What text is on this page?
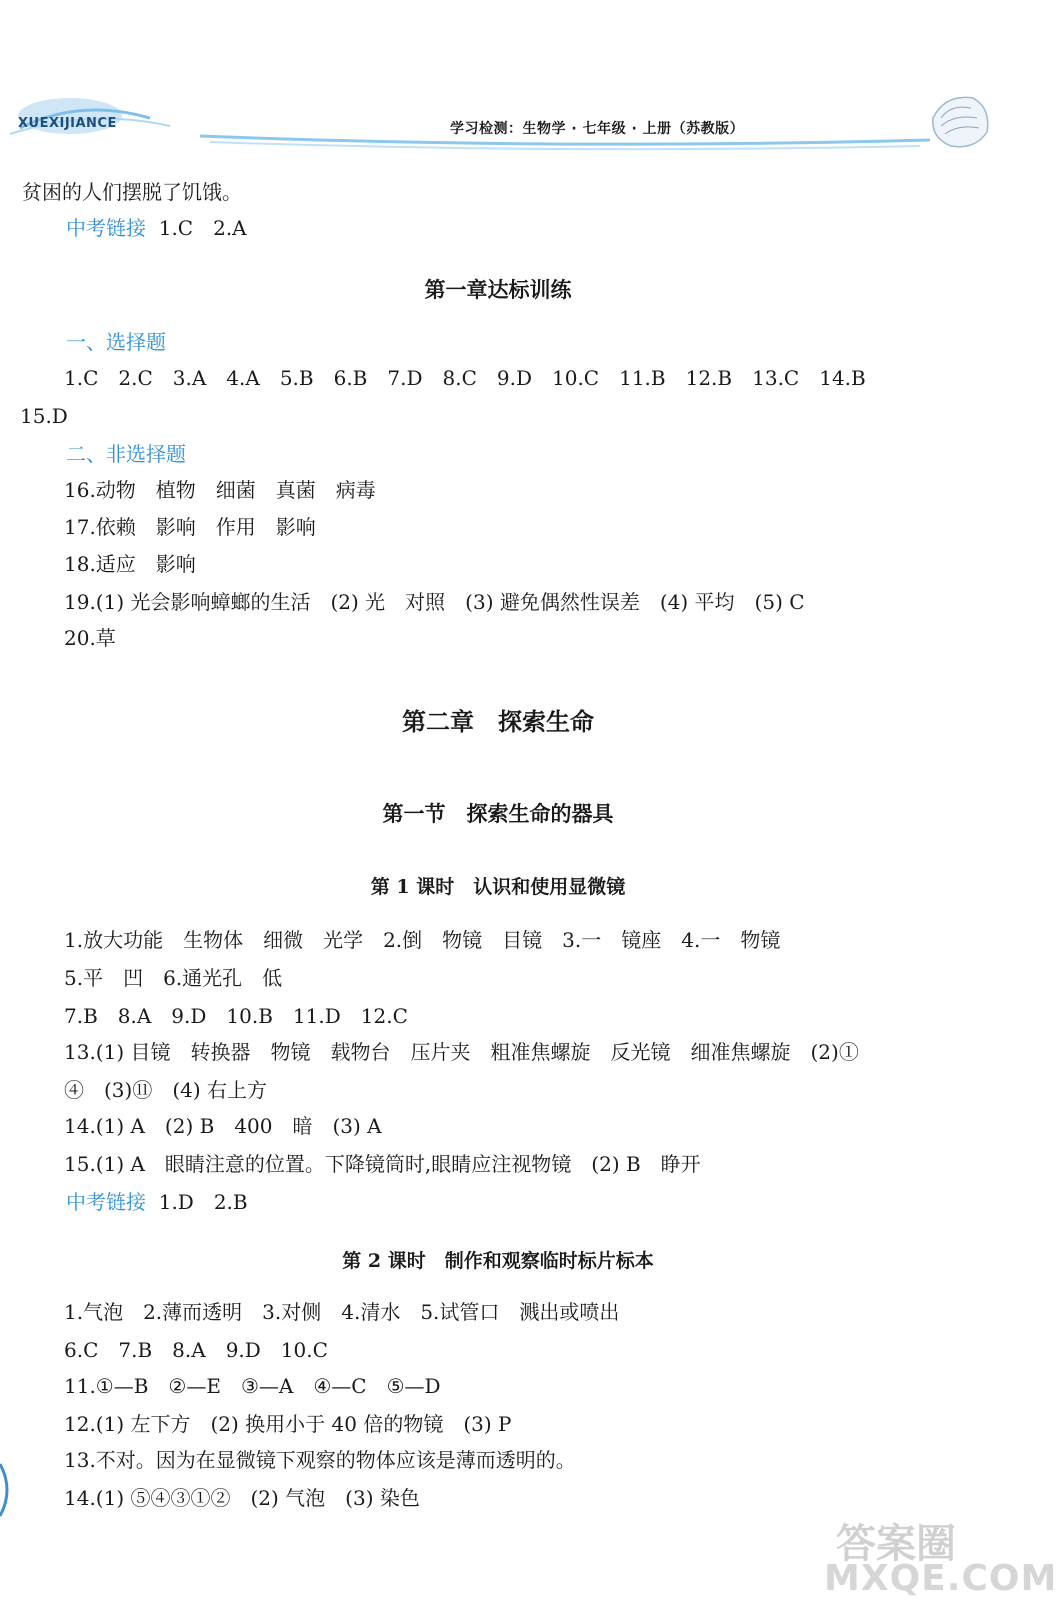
XUEXIJIANCE	学习检测：生物学 · 七年级 · 上册（苏教版）
贫困的人们摆脱了饥饿。
中考链接 1.C　2.A
第一章达标训练
一、选择题
1.C　2.C　3.A　4.A　5.B　6.B　7.D　8.C　9.D　10.C　11.B　12.B　13.C　14.B
15.D
二、非选择题
16.动物　植物　细菌　真菌　病毒
17.依赖　影响　作用　影响
18.适应　影响
19.(1) 光会影响蟑螂的生活　(2) 光　对照　(3) 避免偶然性误差　(4) 平均　(5) C
20.草
第二章　探索生命
第一节　探索生命的器具
第 1 课时　认识和使用显微镜
1.放大功能　生物体　细微　光学　2.倒　物镜　目镜　3.一　镜座　4.一　物镜
5.平　凹　6.通光孔　低
7.B　8.A　9.D　10.B　11.D　12.C
13.(1) 目镜　转换器　物镜　载物台　压片夹　粗准焦螺旋　反光镜　细准焦螺旋　(2)①
④　(3)⑪　(4) 右上方
14.(1) A　(2) B　400　暗　(3) A
15.(1) A　眼睛注意的位置。下降镜筒时,眼睛应注视物镜　(2) B　睁开
中考链接 1.D　2.B
第 2 课时　制作和观察临时标片标本
1.气泡　2.薄而透明　3.对侧　4.清水　5.试管口　溅出或喷出
6.C　7.B　8.A　9.D　10.C
11.①—B　②—E　③—A　④—C　⑤—D
12.(1) 左下方　(2) 换用小于 40 倍的物镜　(3) P
13.不对。因为在显微镜下观察的物体应该是薄而透明的。
14.(1) ⑤④③①②　(2) 气泡　(3) 染色
答案圈
MXQE.COM
